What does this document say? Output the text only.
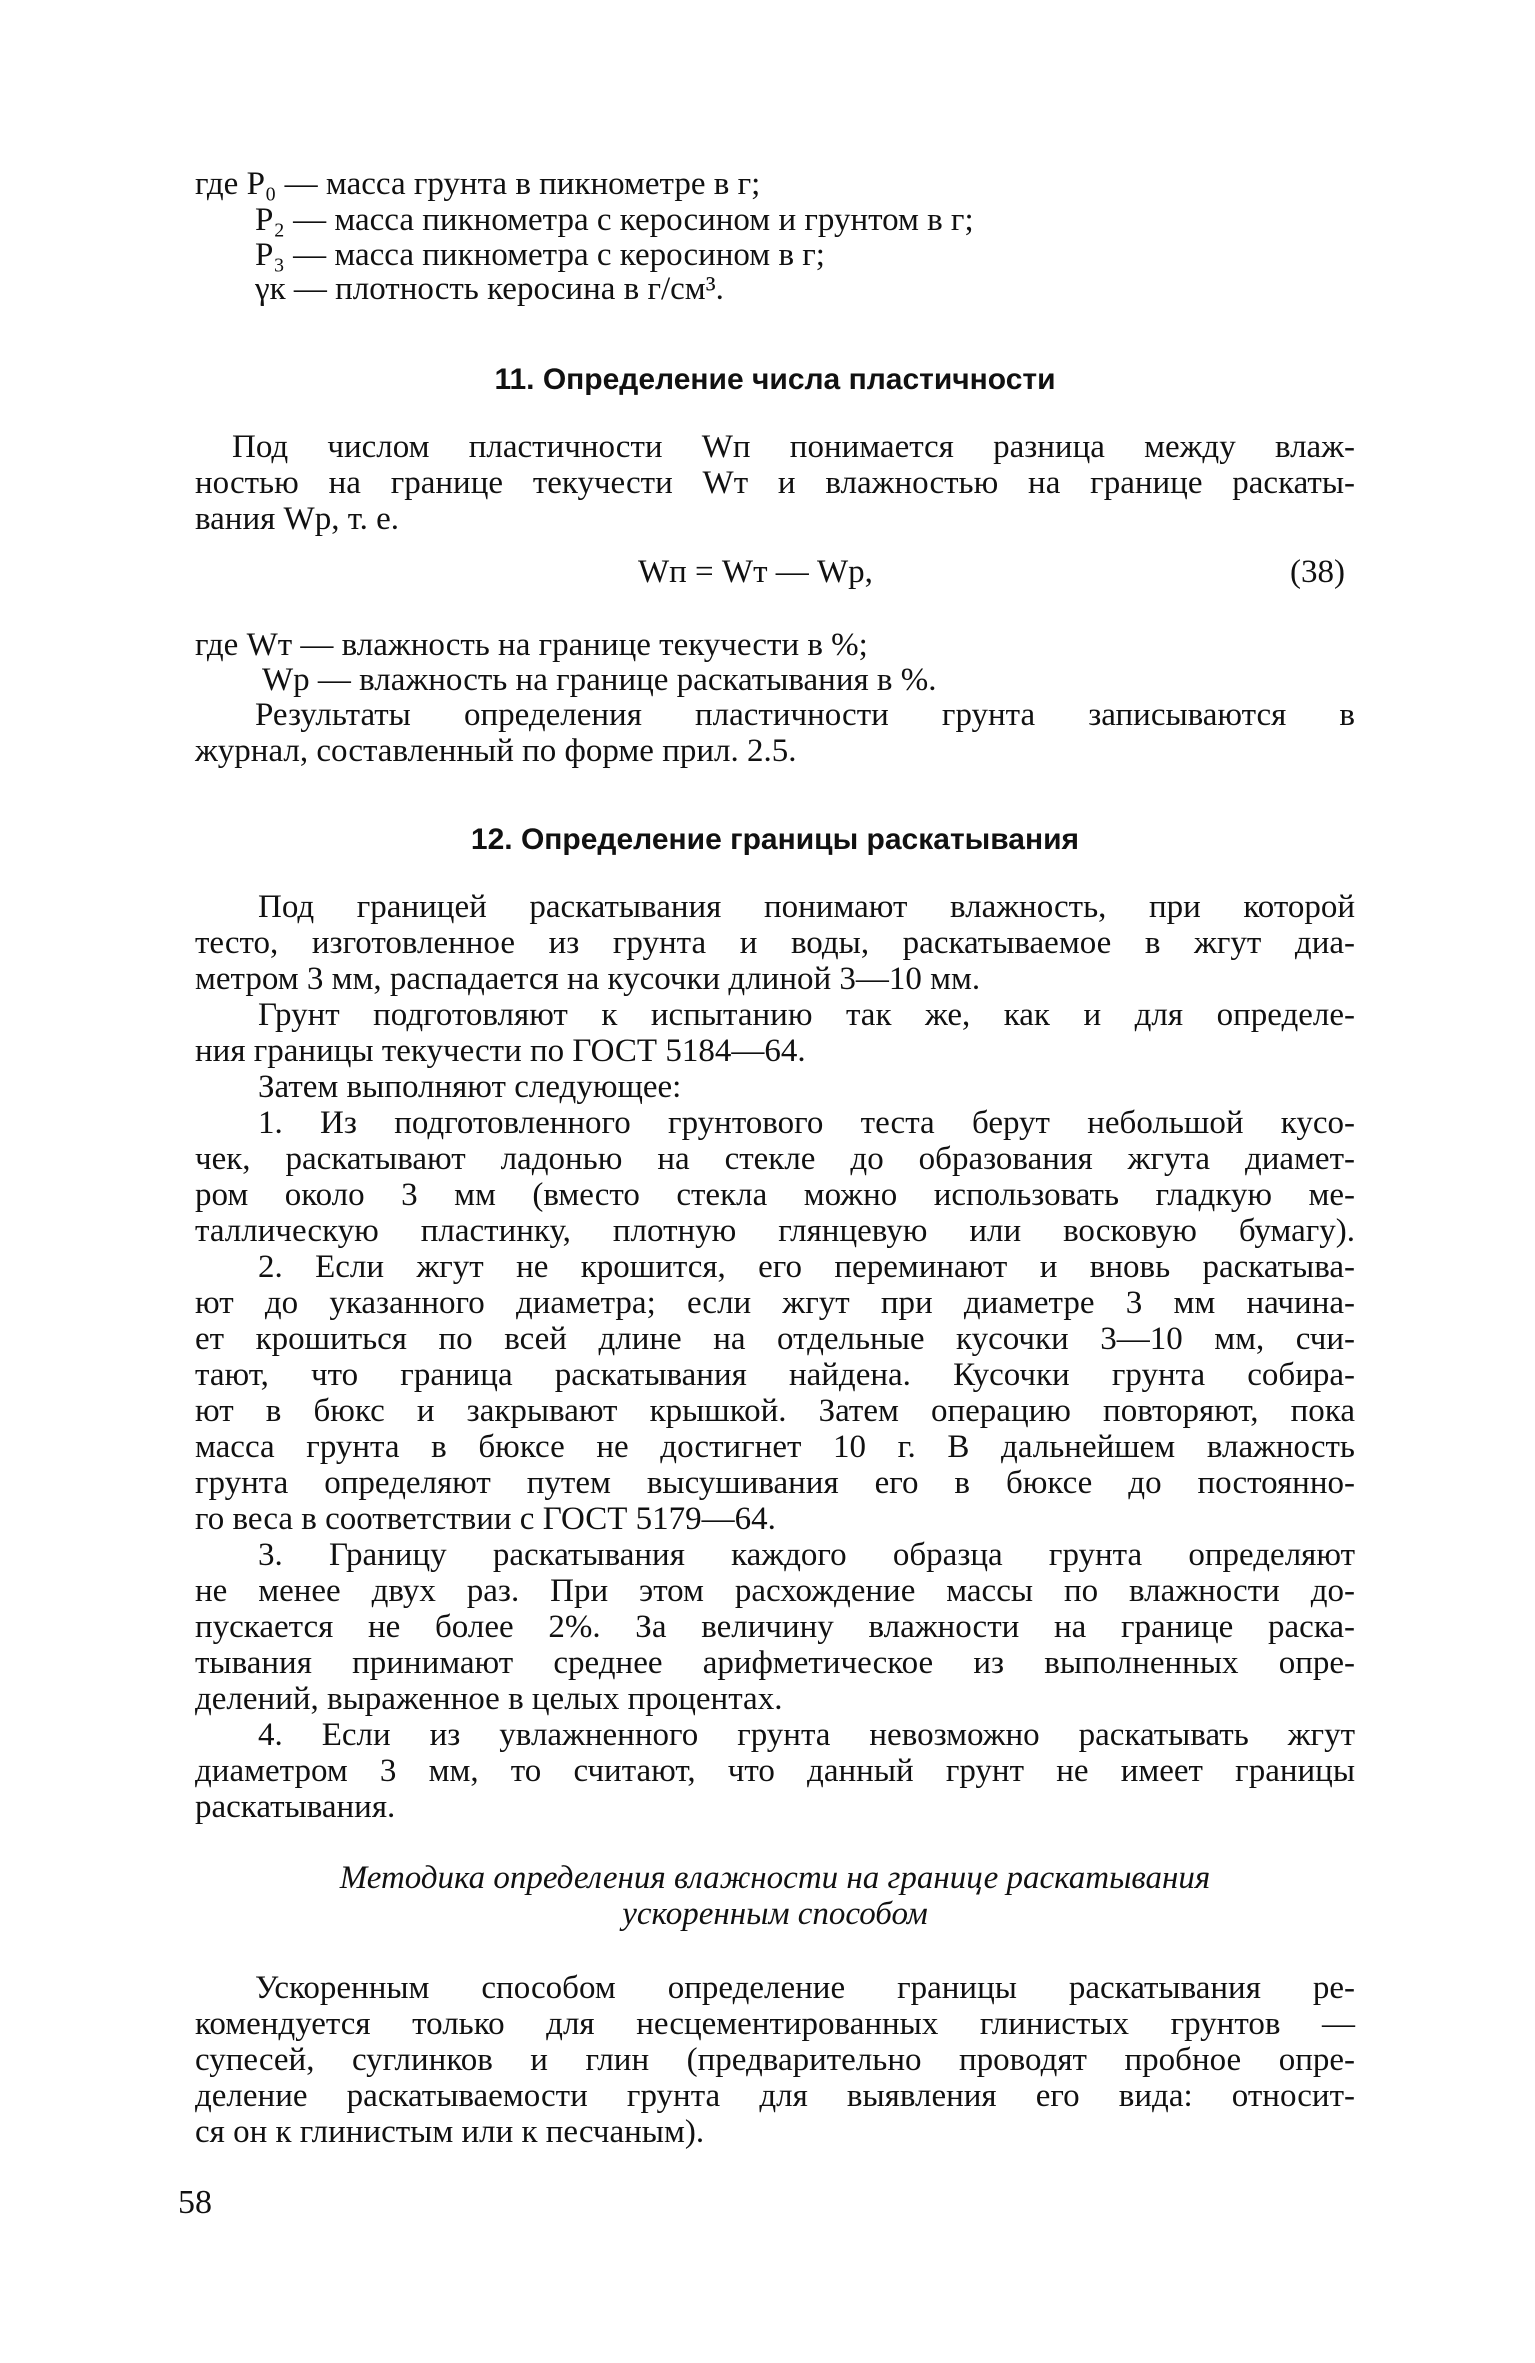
где P₀ — масса грунта в пикнометре в г;
P₂ — масса пикнометра с керосином и грунтом в г;
P₃ — масса пикнометра с керосином в г;
γк — плотность керосина в г/см³.
11. Определение числа пластичности
Под числом пластичности Wп понимается разница между влаж-
ностью на границе текучести Wт и влажностью на границе раскаты-
вания Wр, т. е.
Wп = Wт — Wр,	(38)
где Wт — влажность на границе текучести в %;
Wр — влажность на границе раскатывания в %.
Результаты определения пластичности грунта записываются в
журнал, составленный по форме прил. 2.5.
12. Определение границы раскатывания
Под границей раскатывания понимают влажность, при которой
тесто, изготовленное из грунта и воды, раскатываемое в жгут диа-
метром 3 мм, распадается на кусочки длиной 3—10 мм.
Грунт подготовляют к испытанию так же, как и для определе-
ния границы текучести по ГОСТ 5184—64.
Затем выполняют следующее:
1. Из подготовленного грунтового теста берут небольшой кусо-
чек, раскатывают ладонью на стекле до образования жгута диамет-
ром около 3 мм (вместо стекла можно использовать гладкую ме-
таллическую пластинку, плотную глянцевую или восковую бумагу).
2. Если жгут не крошится, его переминают и вновь раскатыва-
ют до указанного диаметра; если жгут при диаметре 3 мм начина-
ет крошиться по всей длине на отдельные кусочки 3—10 мм, счи-
тают, что граница раскатывания найдена. Кусочки грунта собира-
ют в бюкс и закрывают крышкой. Затем операцию повторяют, пока
масса грунта в бюксе не достигнет 10 г. В дальнейшем влажность
грунта определяют путем высушивания его в бюксе до постоянно-
го веса в соответствии с ГОСТ 5179—64.
3. Границу раскатывания каждого образца грунта определяют
не менее двух раз. При этом расхождение массы по влажности до-
пускается не более 2%. За величину влажности на границе раска-
тывания принимают среднее арифметическое из выполненных опре-
делений, выраженное в целых процентах.
4. Если из увлажненного грунта невозможно раскатывать жгут
диаметром 3 мм, то считают, что данный грунт не имеет границы
раскатывания.
Методика определения влажности на границе раскатывания
ускоренным способом
Ускоренным способом определение границы раскатывания ре-
комендуется только для несцементированных глинистых грунтов —
супесей, суглинков и глин (предварительно проводят пробное опре-
деление раскатываемости грунта для выявления его вида: относит-
ся он к глинистым или к песчаным).
58
